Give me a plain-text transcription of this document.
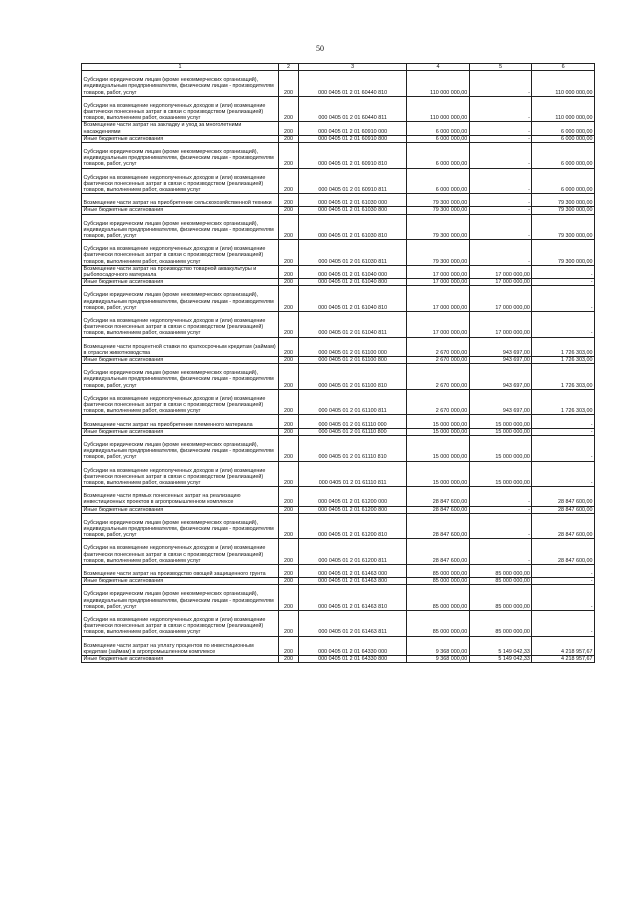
50
1	2	3	4	5	6
Субсидии юридическим лицам (кроме некоммерческих организаций), индивидуальным предпринимателям, физическим лицам - производителям товаров, работ, услуг	200	000 0405 01 2 01 60440 810	110 000 000,00	-	110 000 000,00
Субсидии на возмещение недополученных доходов и (или) возмещение фактически понесенных затрат в связи с производством (реализацией) товаров, выполнением работ, оказанием услуг	200	000 0405 01 2 01 60440 811	110 000 000,00	-	110 000 000,00
Возмещение части затрат на закладку и уход за многолетними насаждениями	200	000 0405 01 2 01 60910 000	6 000 000,00	-	6 000 000,00
Иные бюджетные ассигнования	200	000 0405 01 2 01 60910 800	6 000 000,00	-	6 000 000,00
Субсидии юридическим лицам (кроме некоммерческих организаций), индивидуальным предпринимателям, физическим лицам - производителям товаров, работ, услуг	200	000 0405 01 2 01 60910 810	6 000 000,00	-	6 000 000,00
Субсидии на возмещение недополученных доходов и (или) возмещение фактически понесенных затрат в связи с производством (реализацией) товаров, выполнением работ, оказанием услуг	200	000 0405 01 2 01 60910 811	6 000 000,00	-	6 000 000,00
Возмещение части затрат на приобретение сельскохозяйственной техники	200	000 0405 01 2 01 61030 000	79 300 000,00	-	79 300 000,00
Иные бюджетные ассигнования	200	000 0405 01 2 01 61030 800	79 300 000,00	-	79 300 000,00
Субсидии юридическим лицам (кроме некоммерческих организаций), индивидуальным предпринимателям, физическим лицам - производителям товаров, работ, услуг	200	000 0405 01 2 01 61030 810	79 300 000,00	-	79 300 000,00
Субсидии на возмещение недополученных доходов и (или) возмещение фактически понесенных затрат в связи с производством (реализацией) товаров, выполнением работ, оказанием услуг	200	000 0405 01 2 01 61030 811	79 300 000,00	-	79 300 000,00
Возмещение части затрат на производство товарной аквакультуры и рыбопосадочного материала	200	000 0405 01 2 01 61040 000	17 000 000,00	17 000 000,00	-
Иные бюджетные ассигнования	200	000 0405 01 2 01 61040 800	17 000 000,00	17 000 000,00	-
Субсидии юридическим лицам (кроме некоммерческих организаций), индивидуальным предпринимателям, физическим лицам - производителям товаров, работ, услуг	200	000 0405 01 2 01 61040 810	17 000 000,00	17 000 000,00	-
Субсидии на возмещение недополученных доходов и (или) возмещение фактически понесенных затрат в связи с производством (реализацией) товаров, выполнением работ, оказанием услуг	200	000 0405 01 2 01 61040 811	17 000 000,00	17 000 000,00	-
Возмещение части процентной ставки по краткосрочным кредитам (займам) в отрасли животноводства	200	000 0405 01 2 01 61100 000	2 670 000,00	943 697,00	1 726 303,00
Иные бюджетные ассигнования	200	000 0405 01 2 01 61100 800	2 670 000,00	943 697,00	1 726 303,00
Субсидии юридическим лицам (кроме некоммерческих организаций), индивидуальным предпринимателям, физическим лицам - производителям товаров, работ, услуг	200	000 0405 01 2 01 61100 810	2 670 000,00	943 697,00	1 726 303,00
Субсидии на возмещение недополученных доходов и (или) возмещение фактически понесенных затрат в связи с производством (реализацией) товаров, выполнением работ, оказанием услуг	200	000 0405 01 2 01 61100 811	2 670 000,00	943 697,00	1 726 303,00
Возмещение части затрат на приобретение племенного материала	200	000 0405 01 2 01 61110 000	15 000 000,00	15 000 000,00	-
Иные бюджетные ассигнования	200	000 0405 01 2 01 61110 800	15 000 000,00	15 000 000,00	-
Субсидии юридическим лицам (кроме некоммерческих организаций), индивидуальным предпринимателям, физическим лицам - производителям товаров, работ, услуг	200	000 0405 01 2 01 61110 810	15 000 000,00	15 000 000,00	-
Субсидии на возмещение недополученных доходов и (или) возмещение фактически понесенных затрат в связи с производством (реализацией) товаров, выполнением работ, оказанием услуг	200	000 0405 01 2 01 61110 811	15 000 000,00	15 000 000,00	-
Возмещение части прямых понесенных затрат на реализацию инвестиционных проектов в агропромышленном комплексе	200	000 0405 01 2 01 61200 000	28 847 600,00	-	28 847 600,00
Иные бюджетные ассигнования	200	000 0405 01 2 01 61200 800	28 847 600,00	-	28 847 600,00
Субсидии юридическим лицам (кроме некоммерческих организаций), индивидуальным предпринимателям, физическим лицам - производителям товаров, работ, услуг	200	000 0405 01 2 01 61200 810	28 847 600,00	-	28 847 600,00
Субсидии на возмещение недополученных доходов и (или) возмещение фактически понесенных затрат в связи с производством (реализацией) товаров, выполнением работ, оказанием услуг	200	000 0405 01 2 01 61200 811	28 847 600,00	-	28 847 600,00
Возмещение части затрат на производство овощей защищенного грунта	200	000 0405 01 2 01 61463 000	85 000 000,00	85 000 000,00	-
Иные бюджетные ассигнования	200	000 0405 01 2 01 61463 800	85 000 000,00	85 000 000,00	-
Субсидии юридическим лицам (кроме некоммерческих организаций), индивидуальным предпринимателям, физическим лицам - производителям товаров, работ, услуг	200	000 0405 01 2 01 61463 810	85 000 000,00	85 000 000,00	-
Субсидии на возмещение недополученных доходов и (или) возмещение фактически понесенных затрат в связи с производством (реализацией) товаров, выполнением работ, оказанием услуг	200	000 0405 01 2 01 61463 811	85 000 000,00	85 000 000,00	-
Возмещение части затрат на уплату процентов по инвестиционным кредитам (займам) в агропромышленном комплексе	200	000 0405 01 2 01 64330 000	9 368 000,00	5 149 042,33	4 218 957,67
Иные бюджетные ассигнования	200	000 0405 01 2 01 64330 800	9 368 000,00	5 149 042,33	4 218 957,67
